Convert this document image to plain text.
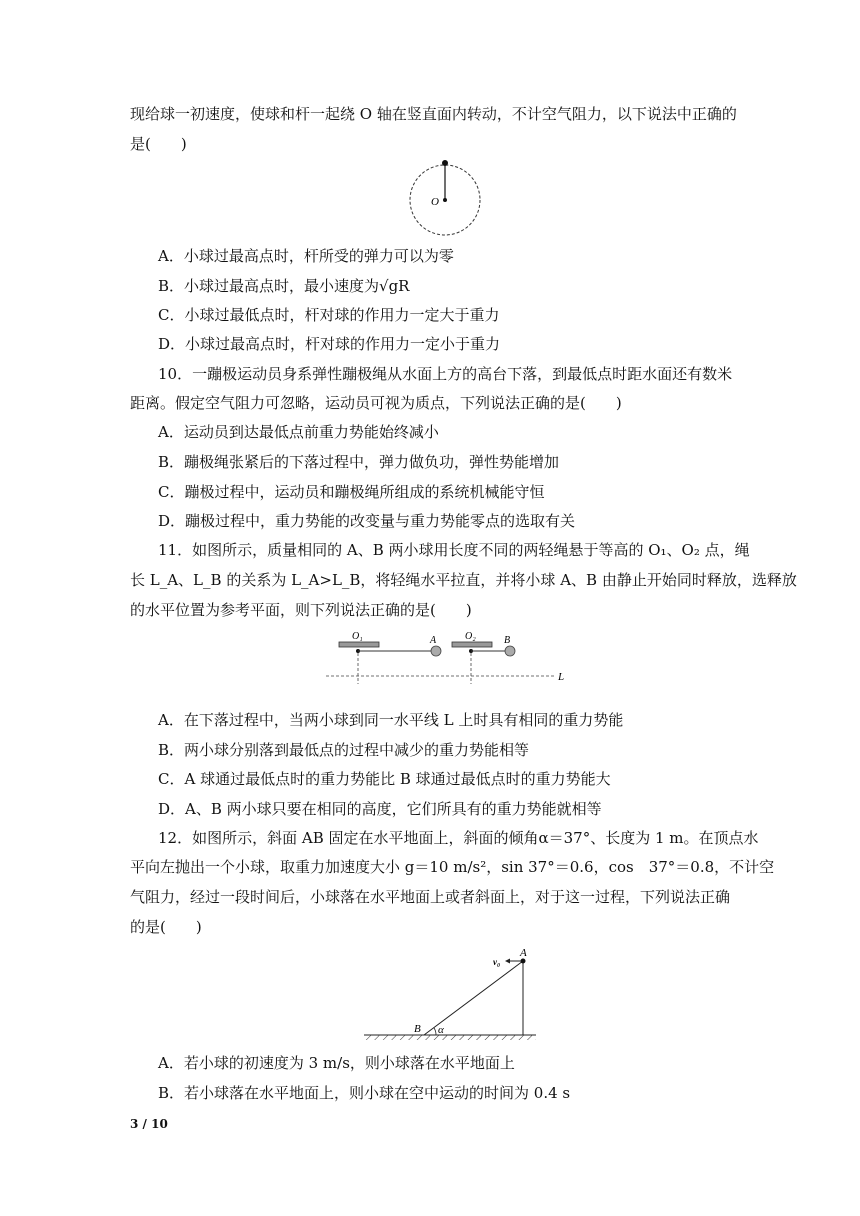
现给球一初速度，使球和杆一起绕 O 轴在竖直面内转动，不计空气阻力，以下说法中正确的
是(　　)
O
A．小球过最高点时，杆所受的弹力可以为零
B．小球过最高点时，最小速度为√gR
C．小球过最低点时，杆对球的作用力一定大于重力
D．小球过最高点时，杆对球的作用力一定小于重力
10．一蹦极运动员身系弹性蹦极绳从水面上方的高台下落，到最低点时距水面还有数米
距离。假定空气阻力可忽略，运动员可视为质点，下列说法正确的是(　　)
A．运动员到达最低点前重力势能始终减小
B．蹦极绳张紧后的下落过程中，弹力做负功，弹性势能增加
C．蹦极过程中，运动员和蹦极绳所组成的系统机械能守恒
D．蹦极过程中，重力势能的改变量与重力势能零点的选取有关
11．如图所示，质量相同的 A、B 两小球用长度不同的两轻绳悬于等高的 O₁、O₂ 点，绳
长 L_A、L_B 的关系为 L_A>L_B，将轻绳水平拉直，并将小球 A、B 由静止开始同时释放，选释放
的水平位置为参考平面，则下列说法正确的是(　　)
O₁	A	O₂	B
L
A．在下落过程中，当两小球到同一水平线 L 上时具有相同的重力势能
B．两小球分别落到最低点的过程中减少的重力势能相等
C．A 球通过最低点时的重力势能比 B 球通过最低点时的重力势能大
D．A、B 两小球只要在相同的高度，它们所具有的重力势能就相等
12．如图所示，斜面 AB 固定在水平地面上，斜面的倾角α＝37°、长度为 1 m。在顶点水
平向左抛出一个小球，取重力加速度大小 g＝10 m/s²，sin 37°＝0.6，cos　37°＝0.8，不计空
气阻力，经过一段时间后，小球落在水平地面上或者斜面上，对于这一过程，下列说法正确
的是(　　)
A
B α
v₀
A．若小球的初速度为 3 m/s，则小球落在水平地面上
B．若小球落在水平地面上，则小球在空中运动的时间为 0.4 s
3 / 10
